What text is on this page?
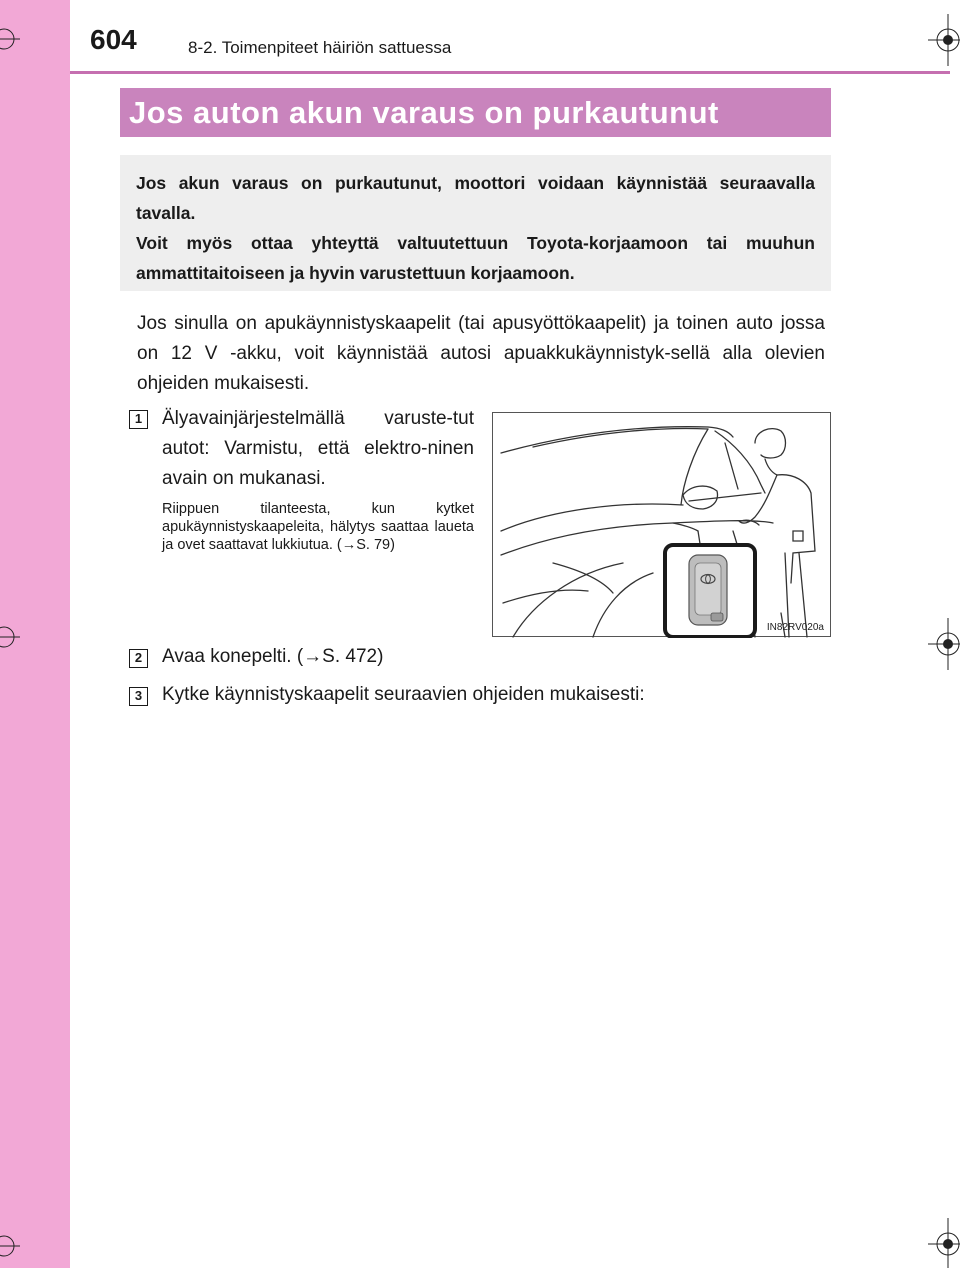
604	8-2. Toimenpiteet häiriön sattuessa
Jos auton akun varaus on purkautunut

Jos akun varaus on purkautunut, moottori voidaan käynnistää seuraavalla tavalla.

Voit myös ottaa yhteyttä valtuutettuun Toyota-korjaamoon tai muuhun ammattitaitoiseen ja hyvin varustettuun korjaamoon.

Jos sinulla on apukäynnistyskaapelit (tai apusyöttökaapelit) ja toinen auto jossa on 12 V -akku, voit käynnistää autosi apuakkukäynnistyk-sellä alla olevien ohjeiden mukaisesti.

1	Älyavainjärjestelmällä varuste-tut autot: Varmistu, että elektro-ninen avain on mukanasi.

Riippuen tilanteesta, kun kytket apukäynnistyskaapeleita, hälytys saattaa laueta ja ovet saattavat lukkiutua. (→S. 79)

IN82RV020a
2	Avaa konepelti. (→S. 472)

3	Kytke käynnistyskaapelit seuraavien ohjeiden mukaisesti:
